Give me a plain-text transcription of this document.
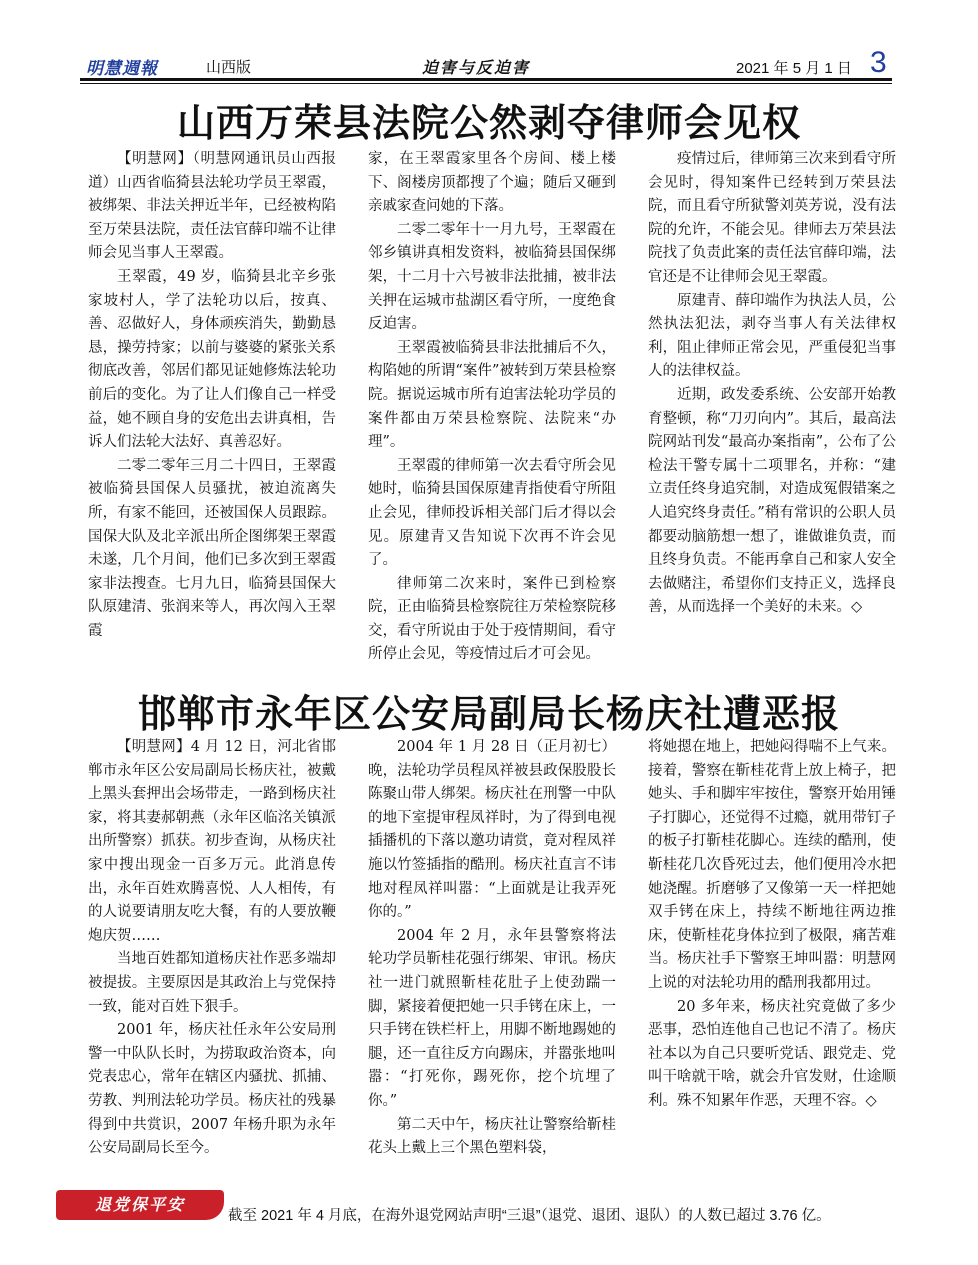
明慧週報	山西版	迫害与反迫害	2021 年 5 月 1 日 3
山西万荣县法院公然剥夺律师会见权

【明慧网】（明慧网通讯员山西报道）山西省临猗县法轮功学员王翠霞，被绑架、非法关押近半年，已经被构陷至万荣县法院，责任法官薛印端不让律师会见当事人王翠霞。

王翠霞，49 岁，临猗县北辛乡张家坡村人，学了法轮功以后，按真、善、忍做好人，身体顽疾消失，勤勤恳恳，操劳持家；以前与婆婆的紧张关系彻底改善，邻居们都见证她修炼法轮功前后的变化。为了让人们像自己一样受益，她不顾自身的安危出去讲真相，告诉人们法轮大法好、真善忍好。

二零二零年三月二十四日，王翠霞被临猗县国保人员骚扰，被迫流离失所，有家不能回，还被国保人员跟踪。国保大队及北辛派出所企图绑架王翠霞未遂，几个月间，他们已多次到王翠霞家非法搜查。七月九日，临猗县国保大队原建清、张润来等人，再次闯入王翠霞

家，在王翠霞家里各个房间、楼上楼下、阁楼房顶都搜了个遍；随后又砸到亲戚家查问她的下落。

二零二零年十一月九号，王翠霞在邻乡镇讲真相发资料，被临猗县国保绑架，十二月十六号被非法批捕，被非法关押在运城市盐湖区看守所，一度绝食反迫害。

王翠霞被临猗县非法批捕后不久，构陷她的所谓“案件”被转到万荣县检察院。据说运城市所有迫害法轮功学员的案件都由万荣县检察院、法院来“办理”。

王翠霞的律师第一次去看守所会见她时，临猗县国保原建青指使看守所阻止会见，律师投诉相关部门后才得以会见。原建青又告知说下次再不许会见了。

律师第二次来时，案件已到检察院，正由临猗县检察院往万荣检察院移交，看守所说由于处于疫情期间，看守所停止会见，等疫情过后才可会见。

疫情过后，律师第三次来到看守所会见时，得知案件已经转到万荣县法院，而且看守所狱警刘英芳说，没有法院的允许，不能会见。律师去万荣县法院找了负责此案的责任法官薛印端，法官还是不让律师会见王翠霞。

原建青、薛印端作为执法人员，公然执法犯法，剥夺当事人有关法律权利，阻止律师正常会见，严重侵犯当事人的法律权益。

近期，政发委系统、公安部开始教育整顿，称“刀刃向内”。其后，最高法院网站刊发“最高办案指南”，公布了公检法干警专属十二项罪名，并称：“建立责任终身追究制，对造成冤假错案之人追究终身责任。”稍有常识的公职人员都要动脑筋想一想了，谁做谁负责，而且终身负责。不能再拿自己和家人安全去做赌注，希望你们支持正义，选择良善，从而选择一个美好的未来。◇

邯郸市永年区公安局副局长杨庆社遭恶报

【明慧网】4 月 12 日，河北省邯郸市永年区公安局副局长杨庆社，被戴上黑头套押出会场带走，一路到杨庆社家，将其妻郝朝燕（永年区临洺关镇派出所警察）抓获。初步查询，从杨庆社家中搜出现金一百多万元。此消息传出，永年百姓欢腾喜悦、人人相传，有的人说要请朋友吃大餐，有的人要放鞭炮庆贺……

当地百姓都知道杨庆社作恶多端却被提拔。主要原因是其政治上与党保持一致，能对百姓下狠手。

2001 年，杨庆社任永年公安局刑警一中队队长时，为捞取政治资本，向党表忠心，常年在辖区内骚扰、抓捕、劳教、判刑法轮功学员。杨庆社的残暴得到中共赏识，2007 年杨升职为永年公安局副局长至今。

2004 年 1 月 28 日（正月初七）晚，法轮功学员程凤祥被县政保股股长陈聚山带人绑架。杨庆社在刑警一中队的地下室提审程凤祥时，为了得到电视插播机的下落以邀功请赏，竟对程凤祥施以竹签插指的酷刑。杨庆社直言不讳地对程凤祥叫嚣：“上面就是让我弄死你的。”

2004 年 2 月，永年县警察将法轮功学员靳桂花强行绑架、审讯。杨庆社一进门就照靳桂花肚子上使劲踹一脚，紧接着便把她一只手铐在床上，一只手铐在铁栏杆上，用脚不断地踢她的腿，还一直往反方向踢床，并嚣张地叫嚣：“打死你，踢死你，挖个坑埋了你。”

第二天中午，杨庆社让警察给靳桂花头上戴上三个黑色塑料袋，

将她摁在地上，把她闷得喘不上气来。接着，警察在靳桂花背上放上椅子，把她头、手和脚牢牢按住，警察开始用锤子打脚心，还觉得不过瘾，就用带钉子的板子打靳桂花脚心。连续的酷刑，使靳桂花几次昏死过去，他们便用冷水把她浇醒。折磨够了又像第一天一样把她双手铐在床上，持续不断地往两边推床，使靳桂花身体拉到了极限，痛苦难当。杨庆社手下警察王坤叫嚣：明慧网上说的对法轮功用的酷刑我都用过。

20 多年来，杨庆社究竟做了多少恶事，恐怕连他自己也记不清了。杨庆社本以为自己只要听党话、跟党走、党叫干啥就干啥，就会升官发财，仕途顺利。殊不知累年作恶，天理不容。◇

退党保平安
截至 2021 年 4 月底，在海外退党网站声明“三退”（退党、退团、退队）的人数已超过 3.76 亿。
